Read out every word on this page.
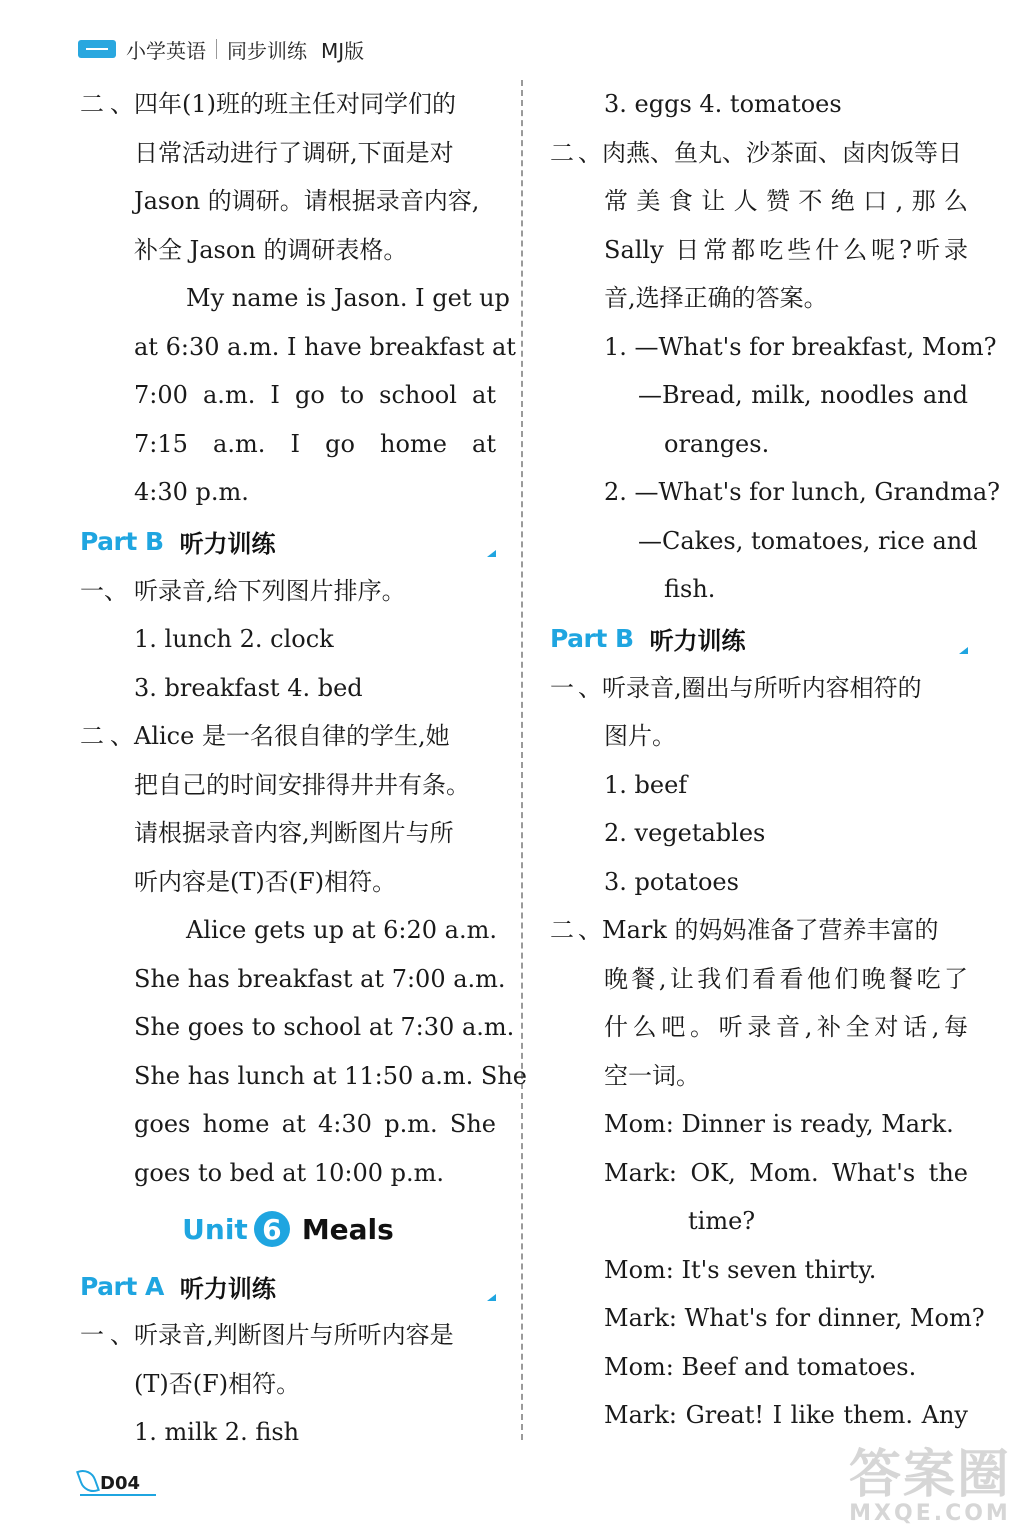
小学英语 同步训练 MJ版
二、 四年(1)班的班主任对同学们的
日常活动进行了调研,下面是对
Jason 的调研。请根据录音内容,
补全 Jason 的调研表格。
My name is Jason. I get up
at 6:30 a.m. I have breakfast at
7:00 a.m. I go to school at
7:15 a.m. I go home at
4:30 p.m.
Part B 听力训练
一、 听录音,给下列图片排序。
1. lunch 2. clock
3. breakfast 4. bed
二、 Alice 是一名很自律的学生,她
把自己的时间安排得井井有条。
请根据录音内容,判断图片与所
听内容是(T)否(F)相符。
Alice gets up at 6:20 a.m.
She has breakfast at 7:00 a.m.
She goes to school at 7:30 a.m.
She has lunch at 11:50 a.m. She
goes home at 4:30 p.m. She
goes to bed at 10:00 p.m.
Unit 6 Meals
Part A 听力训练
一、 听录音,判断图片与所听内容是
(T)否(F)相符。
1. milk 2. fish
3. eggs 4. tomatoes
二、 肉燕、鱼丸、沙茶面、卤肉饭等日
常美食让人赞不绝口,那么
Sally 日常都吃些什么呢?听录
音,选择正确的答案。
1. —What's for breakfast, Mom?
—Bread, milk, noodles and
oranges.
2. —What's for lunch, Grandma?
—Cakes, tomatoes, rice and
fish.
Part B 听力训练
一、 听录音,圈出与所听内容相符的
图片。
1. beef
2. vegetables
3. potatoes
二、 Mark 的妈妈准备了营养丰富的
晚餐,让我们看看他们晚餐吃了
什么吧。听录音,补全对话,每
空一词。
Mom: Dinner is ready, Mark.
Mark: OK, Mom. What's the
time?
Mom: It's seven thirty.
Mark: What's for dinner, Mom?
Mom: Beef and tomatoes.
Mark: Great! I like them. Any
D04	答案圈
MXQE.COM
